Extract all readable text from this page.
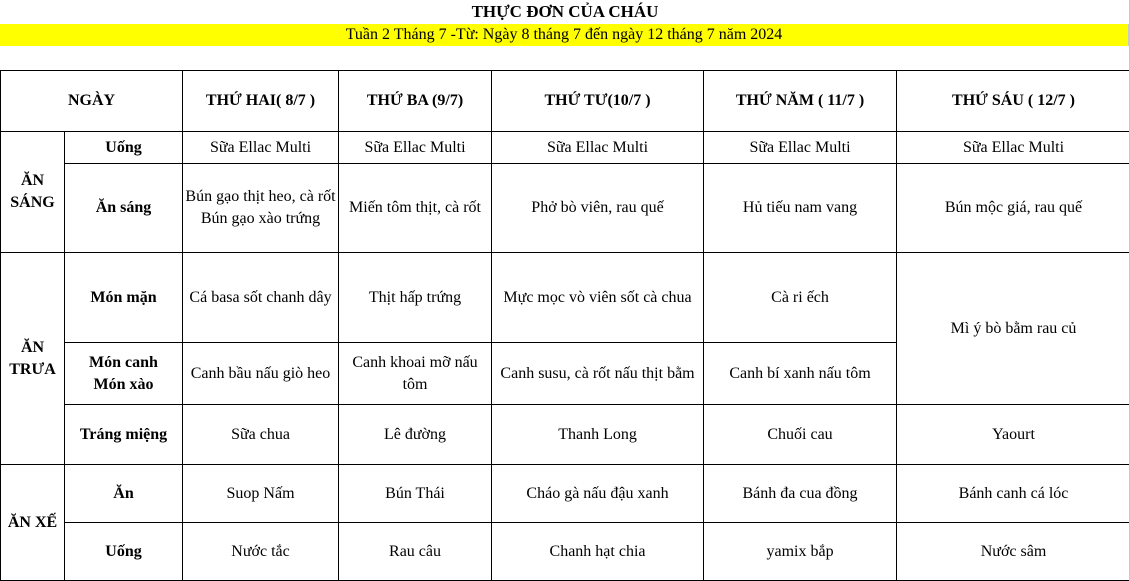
THỰC ĐƠN CỦA CHÁU
Tuần 2 Tháng 7 -Từ: Ngày 8 tháng 7 đến ngày 12 tháng 7 năm 2024
NGÀY		THỨ HAI( 8/7 )	THỨ BA (9/7)	THỨ TƯ(10/7 )	THỨ NĂM ( 11/7 )	THỨ SÁU ( 12/7 )

ĂN
SÁNG	Uống	Sữa Ellac Multi	Sữa Ellac Multi	Sữa Ellac Multi	Sữa Ellac Multi	Sữa Ellac Multi
	Ăn sáng	Bún gạo thịt heo, cà rốt
Bún gạo xào trứng	Miến tôm thịt, cà rốt	Phở bò viên, rau quế	Hủ tiếu nam vang	Bún mộc giá, rau quế

ĂN
TRƯA	Món mặn	Cá basa sốt chanh dây	Thịt hấp trứng	Mực mọc vò viên sốt cà chua	Cà ri ếch	Mì ý bò bằm rau củ

	Món canh
Món xào	Canh bầu nấu giò heo	Canh khoai mỡ nấu tôm	Canh susu, cà rốt nấu thịt bằm	Canh bí xanh nấu tôm	
	Tráng miệng	Sữa chua	Lê đường	Thanh Long	Chuối cau	Yaourt
ĂN XẾ	Ăn	Suop Nấm	Bún Thái	Cháo gà nấu đậu xanh	Bánh đa cua đồng	Bánh canh cá lóc
	Uống	Nước tắc	Rau câu	Chanh hạt chia	yamix bắp	Nước sâm
